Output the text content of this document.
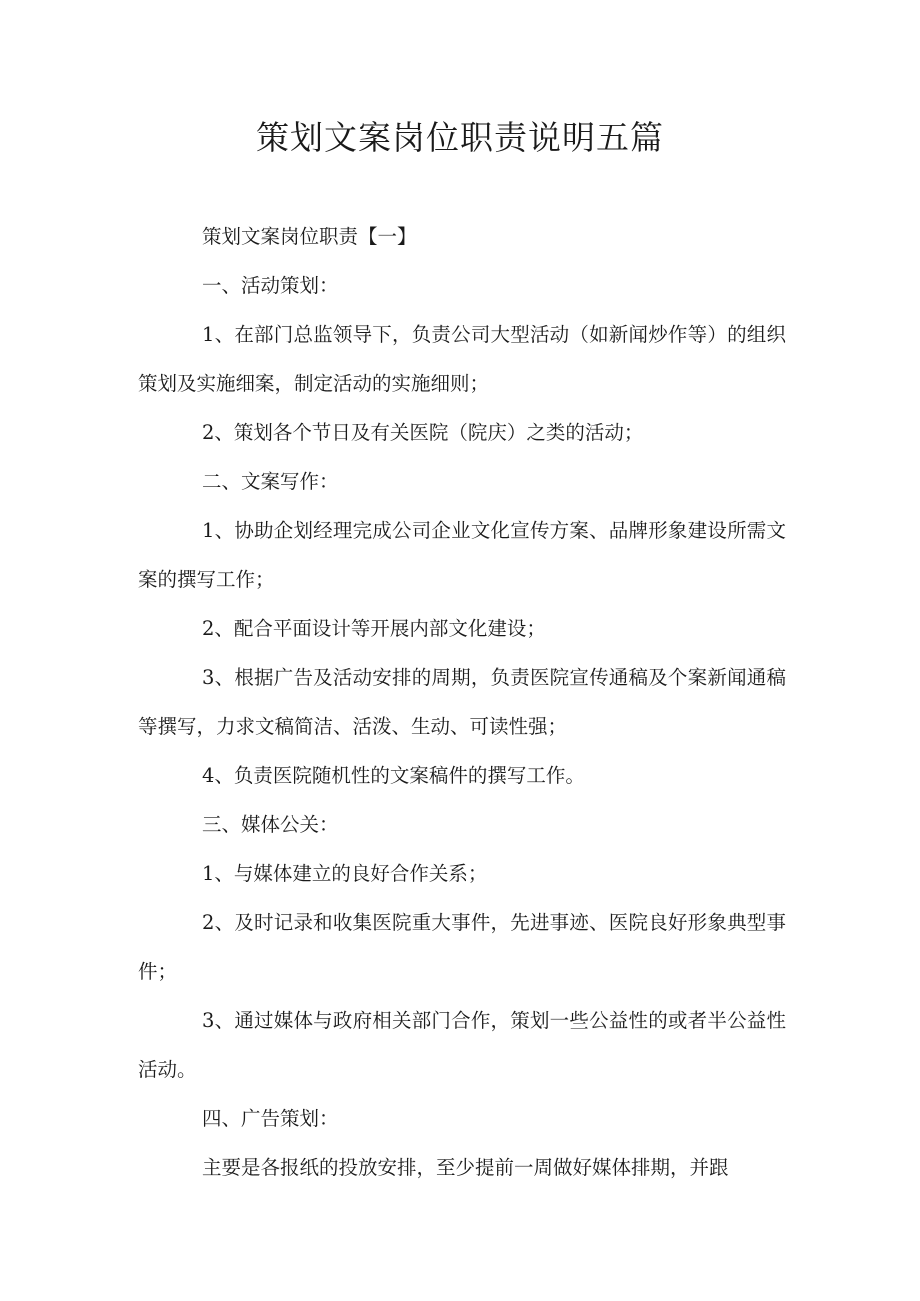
策划文案岗位职责说明五篇

策划文案岗位职责【一】

一、活动策划：

1、在部门总监领导下，负责公司大型活动（如新闻炒作等）的组织策划及实施细案，制定活动的实施细则；

2、策划各个节日及有关医院（院庆）之类的活动；

二、文案写作：

1、协助企划经理完成公司企业文化宣传方案、品牌形象建设所需文案的撰写工作；

2、配合平面设计等开展内部文化建设；

3、根据广告及活动安排的周期，负责医院宣传通稿及个案新闻通稿等撰写，力求文稿简洁、活泼、生动、可读性强；

4、负责医院随机性的文案稿件的撰写工作。

三、媒体公关：

1、与媒体建立的良好合作关系；

2、及时记录和收集医院重大事件，先进事迹、医院良好形象典型事件；

3、通过媒体与政府相关部门合作，策划一些公益性的或者半公益性活动。

四、广告策划：

主要是各报纸的投放安排，至少提前一周做好媒体排期，并跟
